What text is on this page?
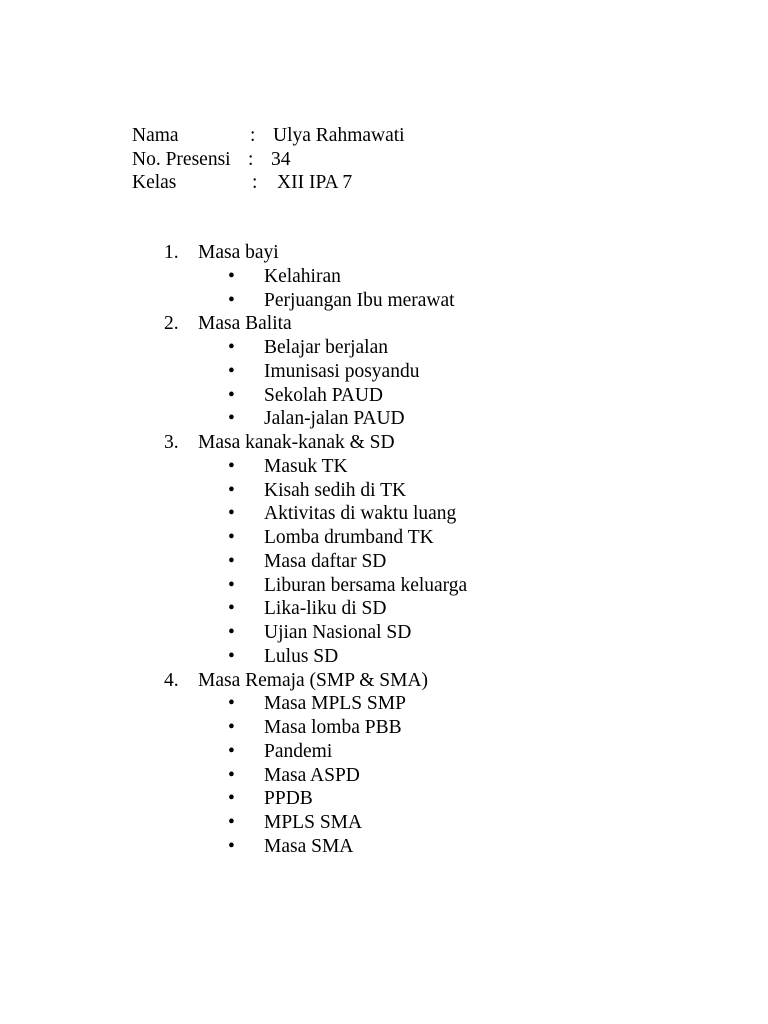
Nama	: Ulya Rahmawati
No. Presensi : 34
Kelas	: XII IPA 7
1. Masa bayi
• Kelahiran
• Perjuangan Ibu merawat
2. Masa Balita
• Belajar berjalan
• Imunisasi posyandu
• Sekolah PAUD
• Jalan-jalan PAUD
3. Masa kanak-kanak & SD
• Masuk TK
• Kisah sedih di TK
• Aktivitas di waktu luang
• Lomba drumband TK
• Masa daftar SD
• Liburan bersama keluarga
• Lika-liku di SD
• Ujian Nasional SD
• Lulus SD
4. Masa Remaja (SMP & SMA)
• Masa MPLS SMP
• Masa lomba PBB
• Pandemi
• Masa ASPD
• PPDB
• MPLS SMA
• Masa SMA
